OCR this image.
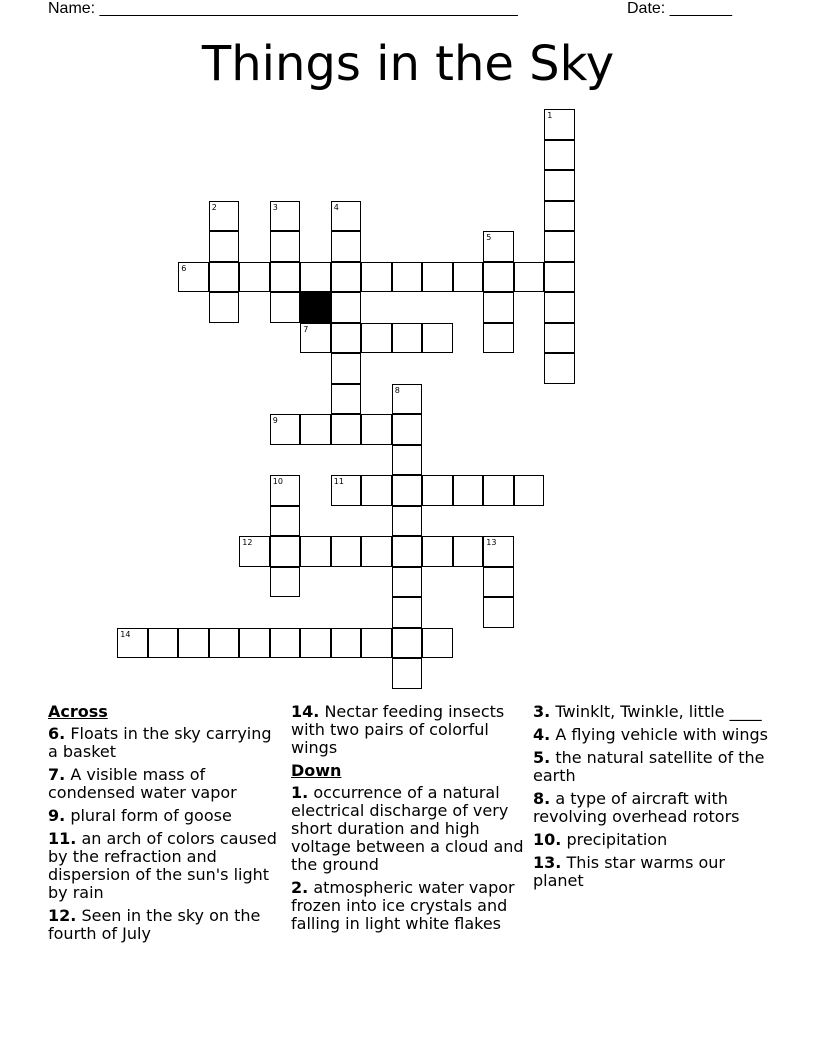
Name: _______________________________________________	Date: _______
Things in the Sky
6
7
9
11
12	13
14
1
2	3	4
5
8
10
Across
6. Floats in the sky carrying a basket
7. A visible mass of condensed water vapor
9. plural form of goose
11. an arch of colors caused by the refraction and dispersion of the sun's light by rain
12. Seen in the sky on the fourth of July
14. Nectar feeding insects with two pairs of colorful wings
Down
1. occurrence of a natural electrical discharge of very short duration and high voltage between a cloud and the ground
2. atmospheric water vapor frozen into ice crystals and falling in light white flakes
3. Twinklt, Twinkle, little ____
4. A flying vehicle with wings
5. the natural satellite of the earth
8. a type of aircraft with revolving overhead rotors
10. precipitation
13. This star warms our planet
